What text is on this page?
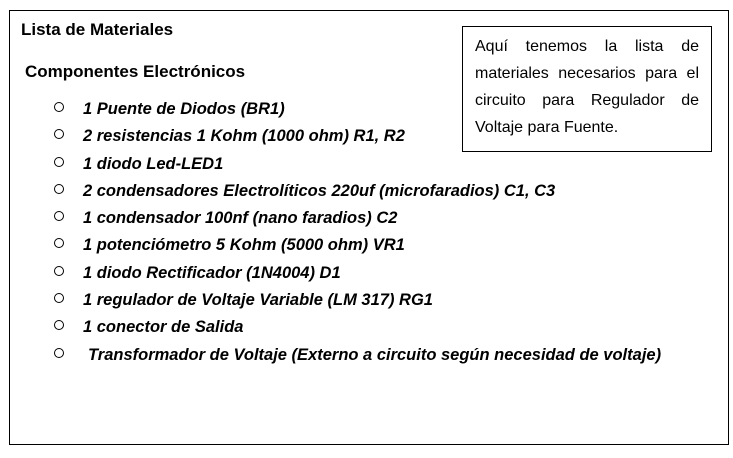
Lista de Materiales
Componentes Electrónicos
Aquí tenemos la lista de materiales necesarios para el circuito para Regulador de Voltaje para Fuente.
1 Puente de Diodos (BR1)
2 resistencias 1 Kohm (1000 ohm) R1, R2
1 diodo Led-LED1
2 condensadores Electrolíticos 220uf (microfaradios) C1, C3
1 condensador 100nf (nano faradios) C2
1 potenciómetro 5 Kohm (5000 ohm) VR1
1 diodo Rectificador (1N4004) D1
1 regulador de Voltaje Variable (LM 317) RG1
1 conector de Salida
Transformador de Voltaje (Externo a circuito según necesidad de voltaje)
